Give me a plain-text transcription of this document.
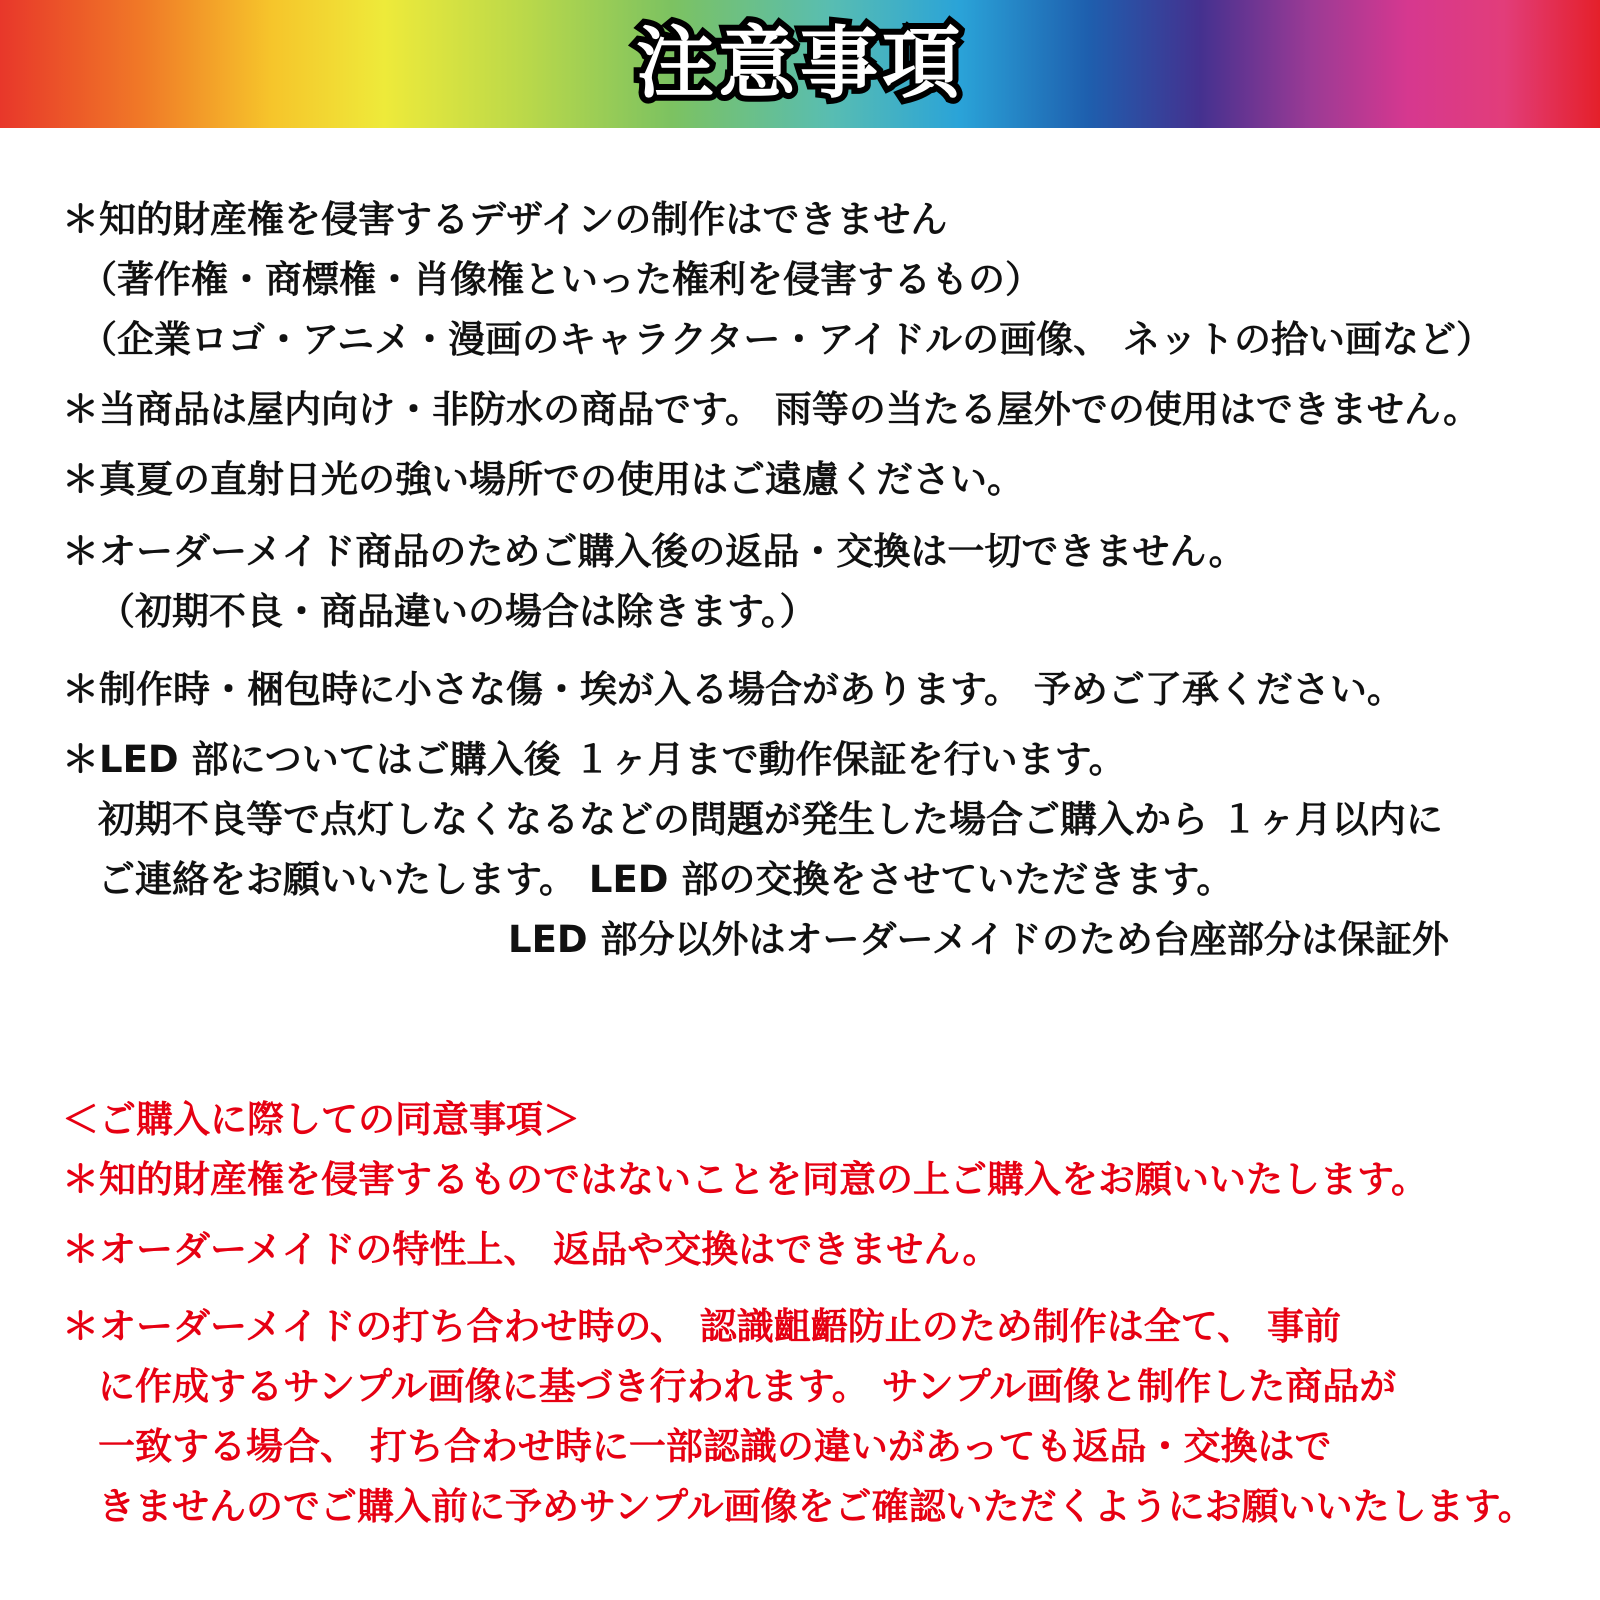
注意事項
＊知的財産権を侵害するデザインの制作はできません
（著作権・商標権・肖像権といった権利を侵害するもの）
（企業ロゴ・アニメ・漫画のキャラクター・アイドルの画像、 ネットの拾い画など）
＊当商品は屋内向け・非防水の商品です。 雨等の当たる屋外での使用はできません。
＊真夏の直射日光の強い場所での使用はご遠慮ください。
＊オーダーメイド商品のためご購入後の返品・交換は一切できません。
（初期不良・商品違いの場合は除きます。）
＊制作時・梱包時に小さな傷・埃が入る場合があります。 予めご了承ください。
＊LED 部についてはご購入後 １ヶ月まで動作保証を行います。
初期不良等で点灯しなくなるなどの問題が発生した場合ご購入から １ヶ月以内に
ご連絡をお願いいたします。 LED 部の交換をさせていただきます。
LED 部分以外はオーダーメイドのため台座部分は保証外
＜ご購入に際しての同意事項＞
＊知的財産権を侵害するものではないことを同意の上ご購入をお願いいたします。
＊オーダーメイドの特性上、 返品や交換はできません。
＊オーダーメイドの打ち合わせ時の、 認識齟齬防止のため制作は全て、 事前
に作成するサンプル画像に基づき行われます。 サンプル画像と制作した商品が
一致する場合、 打ち合わせ時に一部認識の違いがあっても返品・交換はで
きませんのでご購入前に予めサンプル画像をご確認いただくようにお願いいたします。
